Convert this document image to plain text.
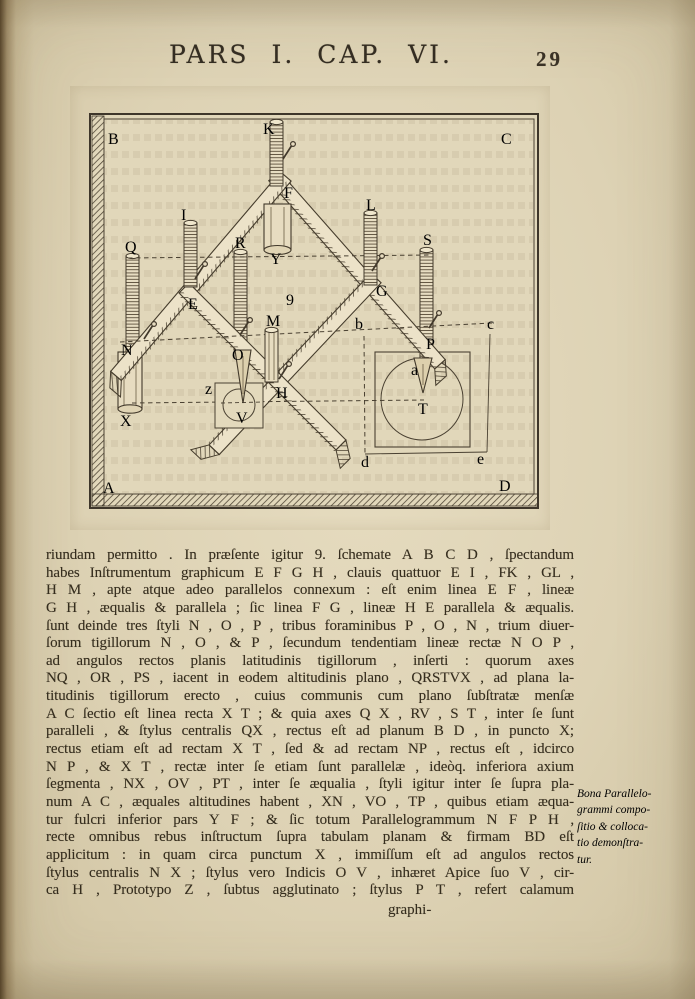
PARS I. CAP. VI.	29
B
K
C
F
I
L
Y
Q	R	S
E
G
M	b	c
N	O
P
a
z	H
V
X
T
d	e
A	D
9
riundam permitto . In præſente igitur 9. ſchemate A B C D , ſpectandum
habes Inſtrumentum graphicum E F G H , clauis quattuor E I , FK , GL ,
H M , apte atque adeo parallelos connexum : eſt enim linea E F , lineæ
G H , æqualis & parallela ; ſic linea F G , lineæ H E parallela & æqualis.
ſunt deinde tres ſtyli N , O , P , tribus foraminibus P , O , N , trium diuer-
ſorum tigillorum N , O , & P , ſecundum tendentiam lineæ rectæ N O P ,
ad angulos rectos planis latitudinis tigillorum , inſerti : quorum axes
NQ , OR , PS , iacent in eodem altitudinis plano , QRSTVX , ad plana la-
titudinis tigillorum erecto , cuius communis cum plano ſubſtratæ menſæ
A C ſectio eſt linea recta X T ; & quia axes Q X , RV , S T , inter ſe ſunt
paralleli , & ſtylus centralis QX , rectus eſt ad planum B D , in puncto X;
rectus etiam eſt ad rectam X T , ſed & ad rectam NP , rectus eſt , idcirco
N P , & X T , rectæ inter ſe etiam ſunt parallelæ , ideòq. inferiora axium
ſegmenta , NX , OV , PT , inter ſe æqualia , ſtyli igitur inter ſe ſupra pla-
num A C , æquales altitudines habent , XN , VO , TP , quibus etiam æqua-
tur fulcri inferior pars Y F ; & ſic totum Parallelogrammum N F P H ,
recte omnibus rebus inſtructum ſupra tabulam planam & firmam BD eſt
applicitum : in quam circa punctum X , immiſſum eſt ad angulos rectos
ſtylus centralis N X ; ſtylus vero Indicis O V , inhæret Apice ſuo V , cir-
ca H , Prototypo Z , ſubtus agglutinato ; ſtylus P T , refert calamum
graphi-
Bona Parallelo-
grammi compo-
ſitio & colloca-
tio demonſtra-
tur.
